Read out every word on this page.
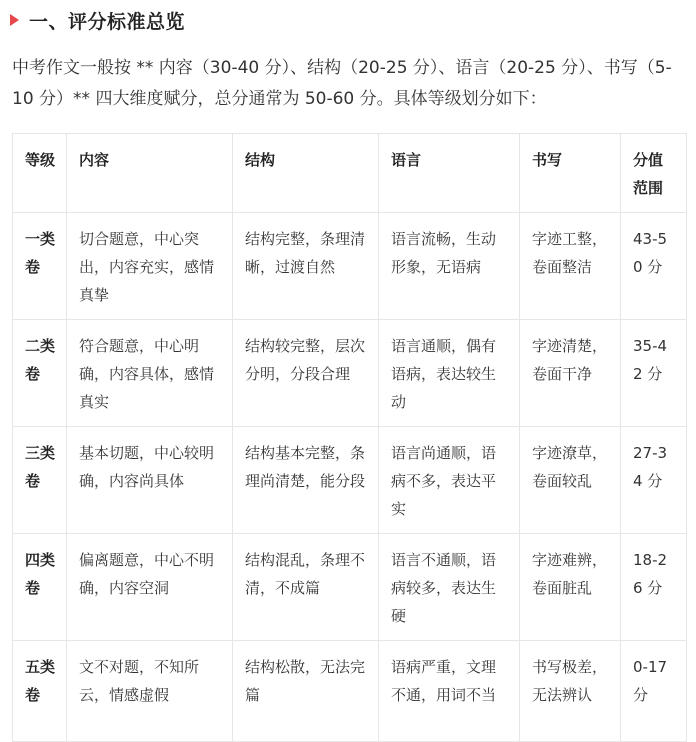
一、评分标准总览

中考作文一般按 ** 内容（30-40 分）、结构（20-25 分）、语言（20-25 分）、书写（5-10 分）** 四大维度赋分，总分通常为 50-60 分。具体等级划分如下：

等级	内容	结构	语言	书写	分值范围
一类卷	切合题意，中心突出，内容充实，感情真挚	结构完整，条理清晰，过渡自然	语言流畅，生动形象，无语病	字迹工整，卷面整洁	43-50 分
二类卷	符合题意，中心明确，内容具体，感情真实	结构较完整，层次分明，分段合理	语言通顺，偶有语病，表达较生动	字迹清楚，卷面干净	35-42 分
三类卷	基本切题，中心较明确，内容尚具体	结构基本完整，条理尚清楚，能分段	语言尚通顺，语病不多，表达平实	字迹潦草，卷面较乱	27-34 分
四类卷	偏离题意，中心不明确，内容空洞	结构混乱，条理不清，不成篇	语言不通顺，语病较多，表达生硬	字迹难辨，卷面脏乱	18-26 分
五类卷	文不对题，不知所云，情感虚假	结构松散，无法完篇	语病严重，文理不通，用词不当	书写极差，无法辨认	0-17 分
